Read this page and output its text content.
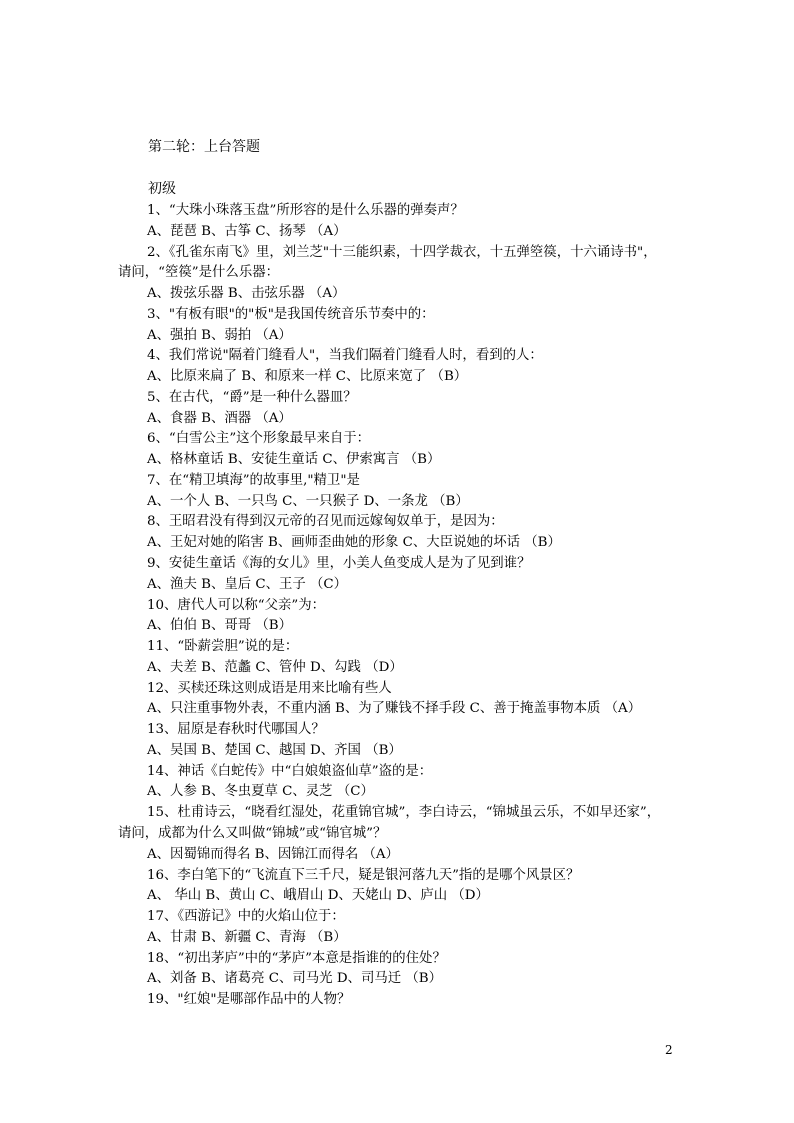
第二轮：上台答题
初级
1、“大珠小珠落玉盘”所形容的是什么乐器的弹奏声？
A、琵琶 B、古筝 C、扬琴 （A）
2、《孔雀东南飞》里，刘兰芝"十三能织素，十四学裁衣，十五弹箜篌，十六诵诗书"，
请问，“箜篌”是什么乐器：
A、拨弦乐器 B、击弦乐器 （A）
3、"有板有眼"的"板"是我国传统音乐节奏中的：
A、强拍 B、弱拍 （A）
4、我们常说"隔着门缝看人"，当我们隔着门缝看人时，看到的人：
A、比原来扁了 B、和原来一样 C、比原来宽了 （B）
5、在古代，“爵”是一种什么器皿？
A、食器 B、酒器 （A）
6、“白雪公主”这个形象最早来自于：
A、格林童话 B、安徒生童话 C、伊索寓言 （B）
7、在“精卫填海”的故事里,"精卫"是
A、一个人 B、一只鸟 C、一只猴子 D、一条龙 （B）
8、王昭君没有得到汉元帝的召见而远嫁匈奴单于，是因为：
A、王妃对她的陷害 B、画师歪曲她的形象 C、大臣说她的坏话 （B）
9、安徒生童话《海的女儿》里，小美人鱼变成人是为了见到谁？
A、渔夫 B、皇后 C、王子 （C）
10、唐代人可以称“父亲”为：
A、伯伯 B、哥哥 （B）
11、“卧薪尝胆”说的是：
A、夫差 B、范蠡 C、管仲 D、勾践 （D）
12、买椟还珠这则成语是用来比喻有些人
A、只注重事物外表，不重内涵 B、为了赚钱不择手段 C、善于掩盖事物本质 （A）
13、屈原是春秋时代哪国人？
A、吴国 B、楚国 C、越国 D、齐国 （B）
14、神话《白蛇传》中“白娘娘盗仙草”盗的是：
A、人参 B、冬虫夏草 C、灵芝 （C）
15、杜甫诗云，“晓看红湿处，花重锦官城”，李白诗云，“锦城虽云乐，不如早还家”，
请问，成都为什么又叫做“锦城”或“锦官城”？
A、因蜀锦而得名 B、因锦江而得名 （A）
16、李白笔下的“飞流直下三千尺，疑是银河落九天”指的是哪个风景区？
A、 华山 B、黄山 C、峨眉山 D、天姥山 D、庐山 （D）
17、《西游记》中的火焰山位于：
A、甘肃 B、新疆 C、青海 （B）
18、“初出茅庐”中的“茅庐”本意是指谁的的住处？
A、刘备 B、诸葛亮 C、司马光 D、司马迁 （B）
19、"红娘"是哪部作品中的人物？
2
